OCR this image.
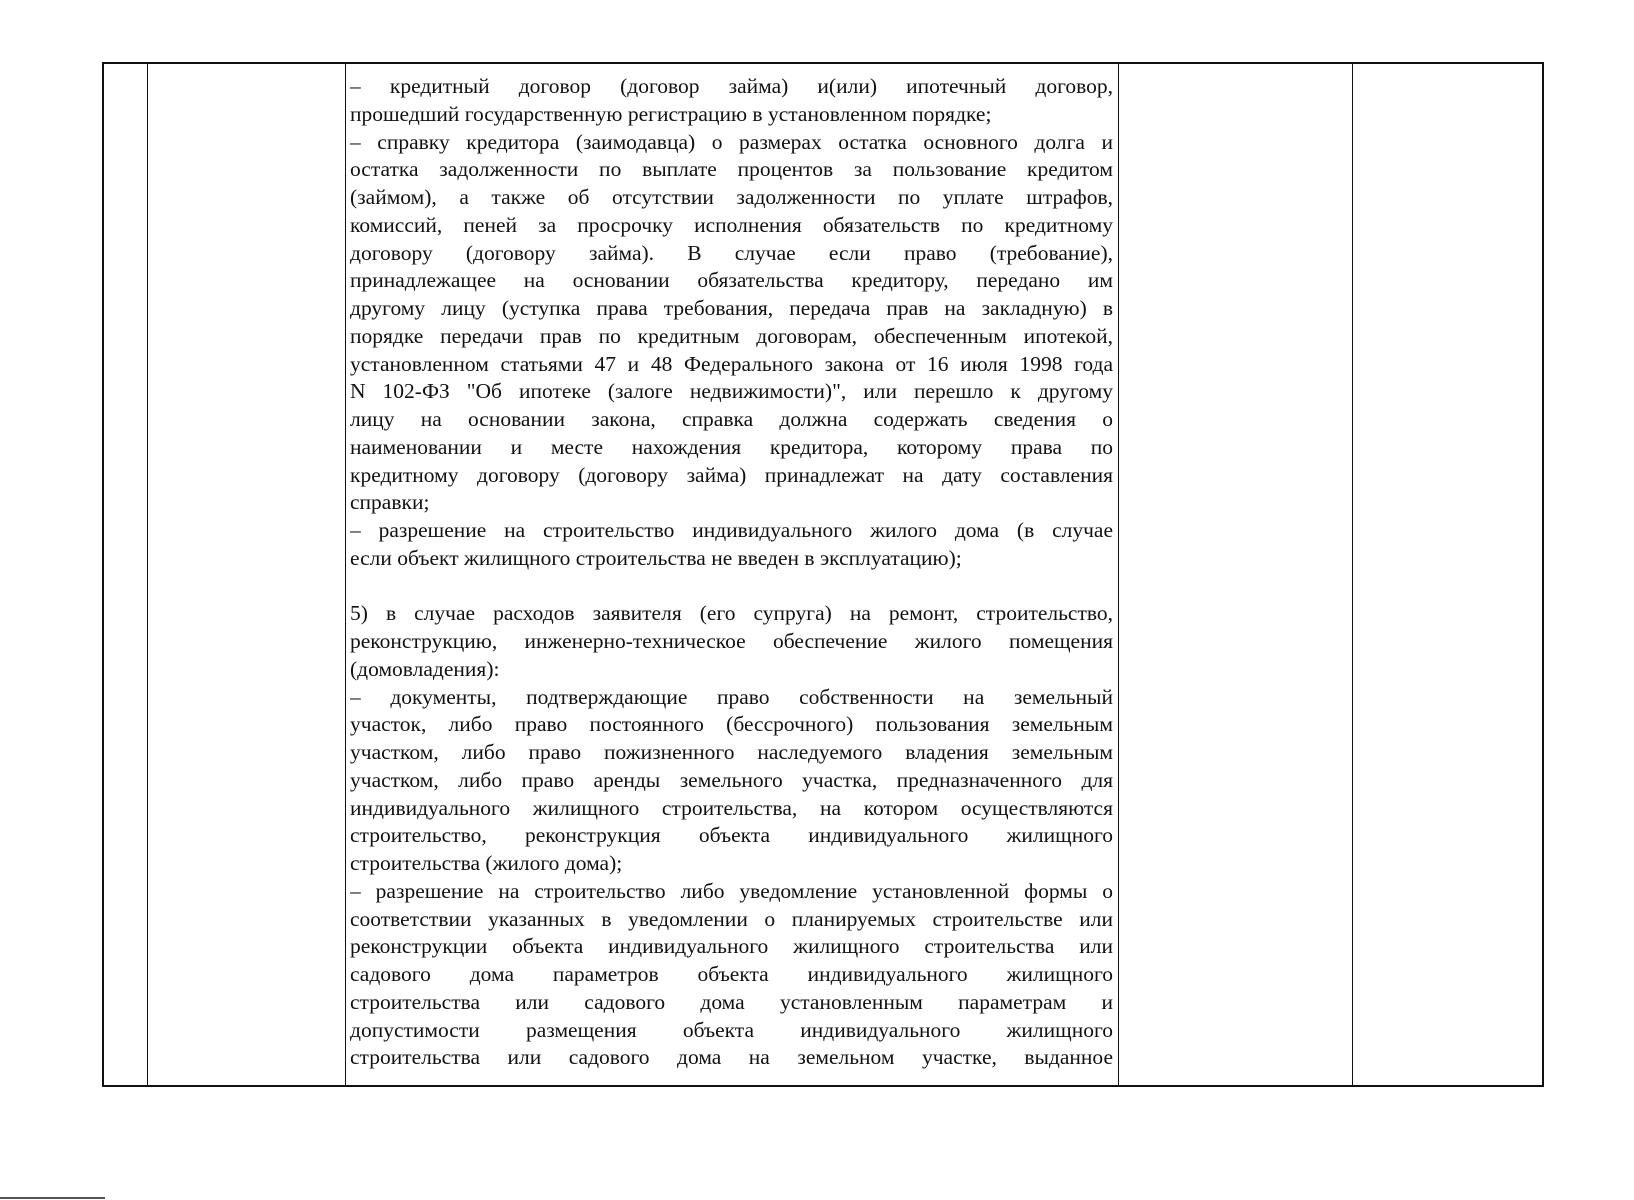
– кредитный договор (договор займа) и(или) ипотечный договор,
прошедший государственную регистрацию в установленном порядке;
– справку кредитора (заимодавца) о размерах остатка основного долга и
остатка задолженности по выплате процентов за пользование кредитом
(займом), а также об отсутствии задолженности по уплате штрафов,
комиссий, пеней за просрочку исполнения обязательств по кредитному
договору (договору займа). В случае если право (требование),
принадлежащее на основании обязательства кредитору, передано им
другому лицу (уступка права требования, передача прав на закладную) в
порядке передачи прав по кредитным договорам, обеспеченным ипотекой,
установленном статьями 47 и 48 Федерального закона от 16 июля 1998 года
N 102-ФЗ "Об ипотеке (залоге недвижимости)", или перешло к другому
лицу на основании закона, справка должна содержать сведения о
наименовании и месте нахождения кредитора, которому права по
кредитному договору (договору займа) принадлежат на дату составления
справки;
– разрешение на строительство индивидуального жилого дома (в случае
если объект жилищного строительства не введен в эксплуатацию);
5) в случае расходов заявителя (его супруга) на ремонт, строительство,
реконструкцию, инженерно-техническое обеспечение жилого помещения
(домовладения):
– документы, подтверждающие право собственности на земельный
участок, либо право постоянного (бессрочного) пользования земельным
участком, либо право пожизненного наследуемого владения земельным
участком, либо право аренды земельного участка, предназначенного для
индивидуального жилищного строительства, на котором осуществляются
строительство, реконструкция объекта индивидуального жилищного
строительства (жилого дома);
– разрешение на строительство либо уведомление установленной формы о
соответствии указанных в уведомлении о планируемых строительстве или
реконструкции объекта индивидуального жилищного строительства или
садового дома параметров объекта индивидуального жилищного
строительства или садового дома установленным параметрам и
допустимости размещения объекта индивидуального жилищного
строительства или садового дома на земельном участке, выданное
